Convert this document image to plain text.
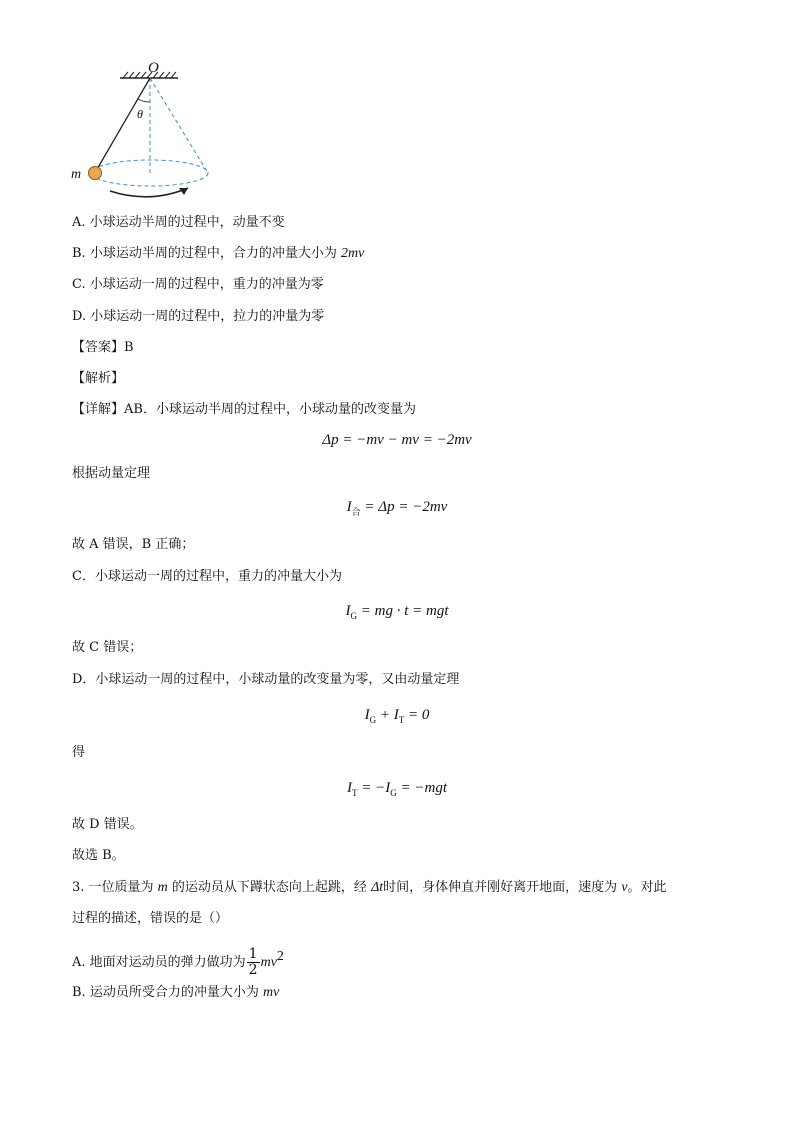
O
θ
m
A. 小球运动半周的过程中，动量不变
B. 小球运动半周的过程中，合力的冲量大小为 2mv
C. 小球运动一周的过程中，重力的冲量为零
D. 小球运动一周的过程中，拉力的冲量为零
【答案】B
【解析】
【详解】AB．小球运动半周的过程中，小球动量的改变量为
Δp = −mv − mv = −2mv
根据动量定理
$I_合 = \Delta p = -2mv$
故 A 错误，B 正确；
C．小球运动一周的过程中，重力的冲量大小为
$I_G$ = mg · t = mgt
故 C 错误；
D．小球运动一周的过程中，小球动量的改变量为零，又由动量定理
$I_G + I_T = 0$
得
$I_T = -I_G = -mgt$
故 D 错误。
故选 B。
3. 一位质量为 m 的运动员从下蹲状态向上起跳，经 Δt时间，身体伸直并刚好离开地面，速度为 v。对此
过程的描述，错误的是（）
A. 地面对运动员的弹力做功为 $\frac{1}{2} mv2$
B. 运动员所受合力的冲量大小为 mv
